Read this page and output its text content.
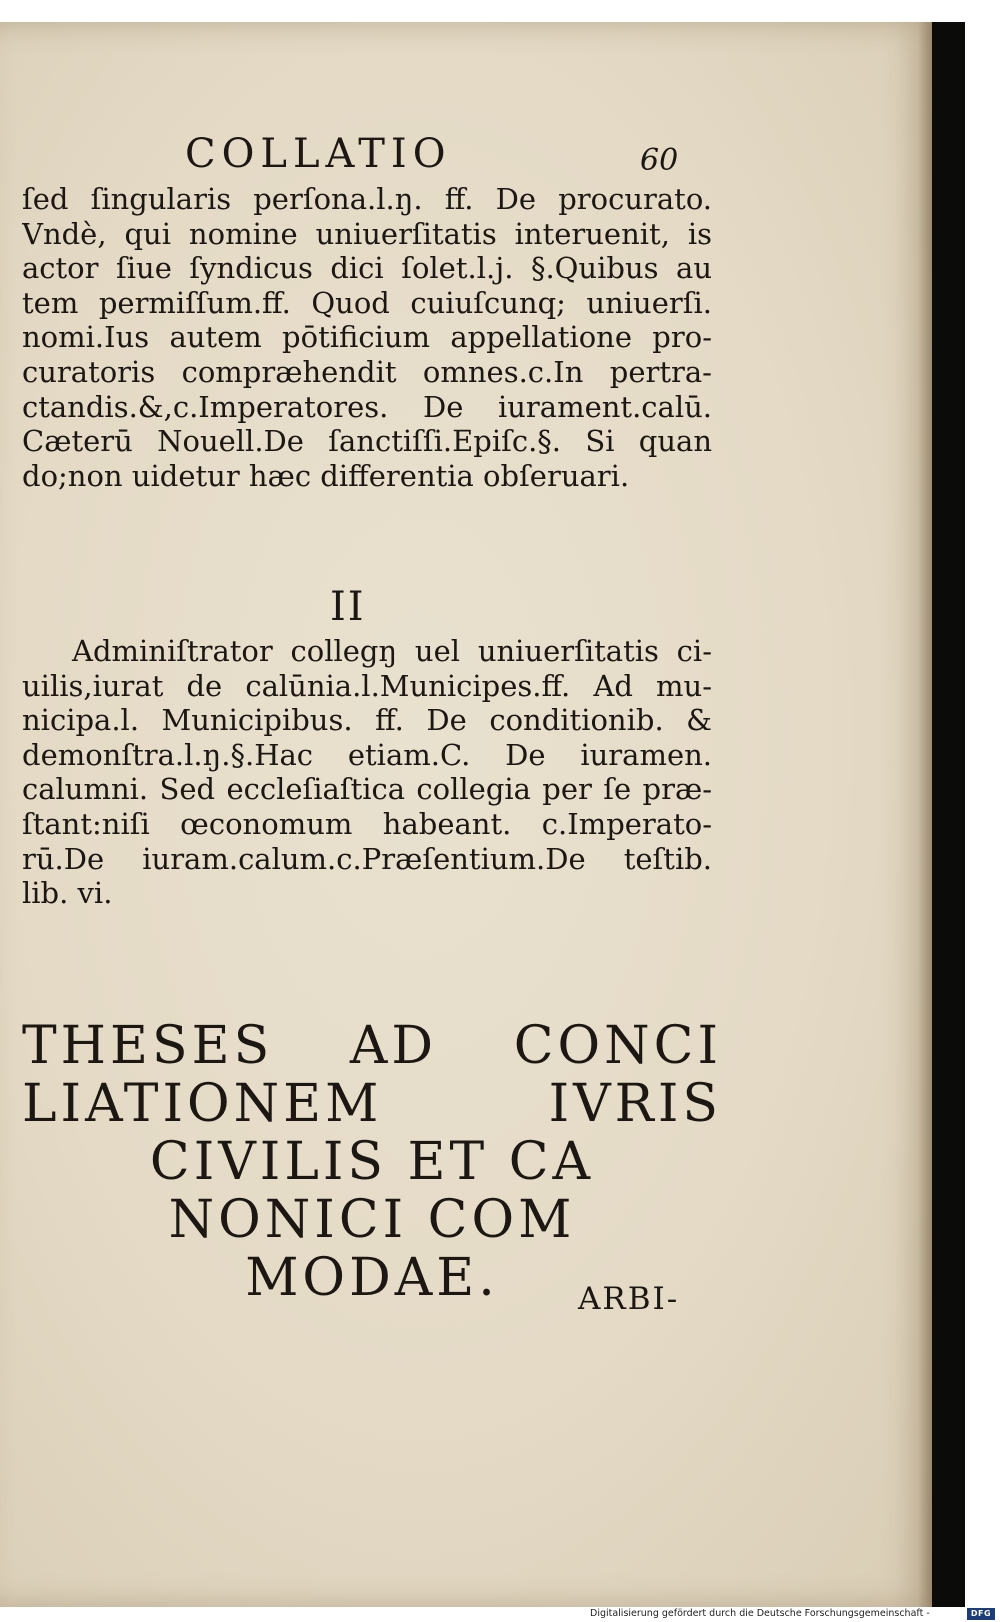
COLLATIO	60
ſed ſingularis perſona.l.ŋ. ff. De procurato.
Vndè, qui nomine uniuerſitatis interuenit, is
actor ſiue ſyndicus dici ſolet.l.j. §.Quibus au
tem permiſſum.ff. Quod cuiuſcunq; uniuerſi.
nomi.Ius autem pōtificium appellatione pro-
curatoris compræhendit omnes.c.In pertra-
ctandis.&,c.Imperatores. De iurament.calū.
Cæterū Nouell.De ſanctiſſi.Epiſc.§. Si quan
do;non uidetur hæc differentia obſeruari.
II
Adminiſtrator collegŋ uel uniuerſitatis ci-
uilis,iurat de calūnia.l.Municipes.ff. Ad mu-
nicipa.l. Municipibus. ff. De conditionib. &
demonſtra.l.ŋ.§.Hac etiam.C. De iuramen.
calumni. Sed eccleſiaſtica collegia per ſe præ-
ſtant:niſi œconomum habeant. c.Imperato-
rū.De iuram.calum.c.Præſentium.De teſtib.
lib. vi.
THESES AD CONCI
LIATIONEM IVRIS
CIVILIS ET CA
NONICI COM
MODAE.	ARBI-
Digitalisierung gefördert durch die Deutsche Forschungsgemeinschaft -	DFG
